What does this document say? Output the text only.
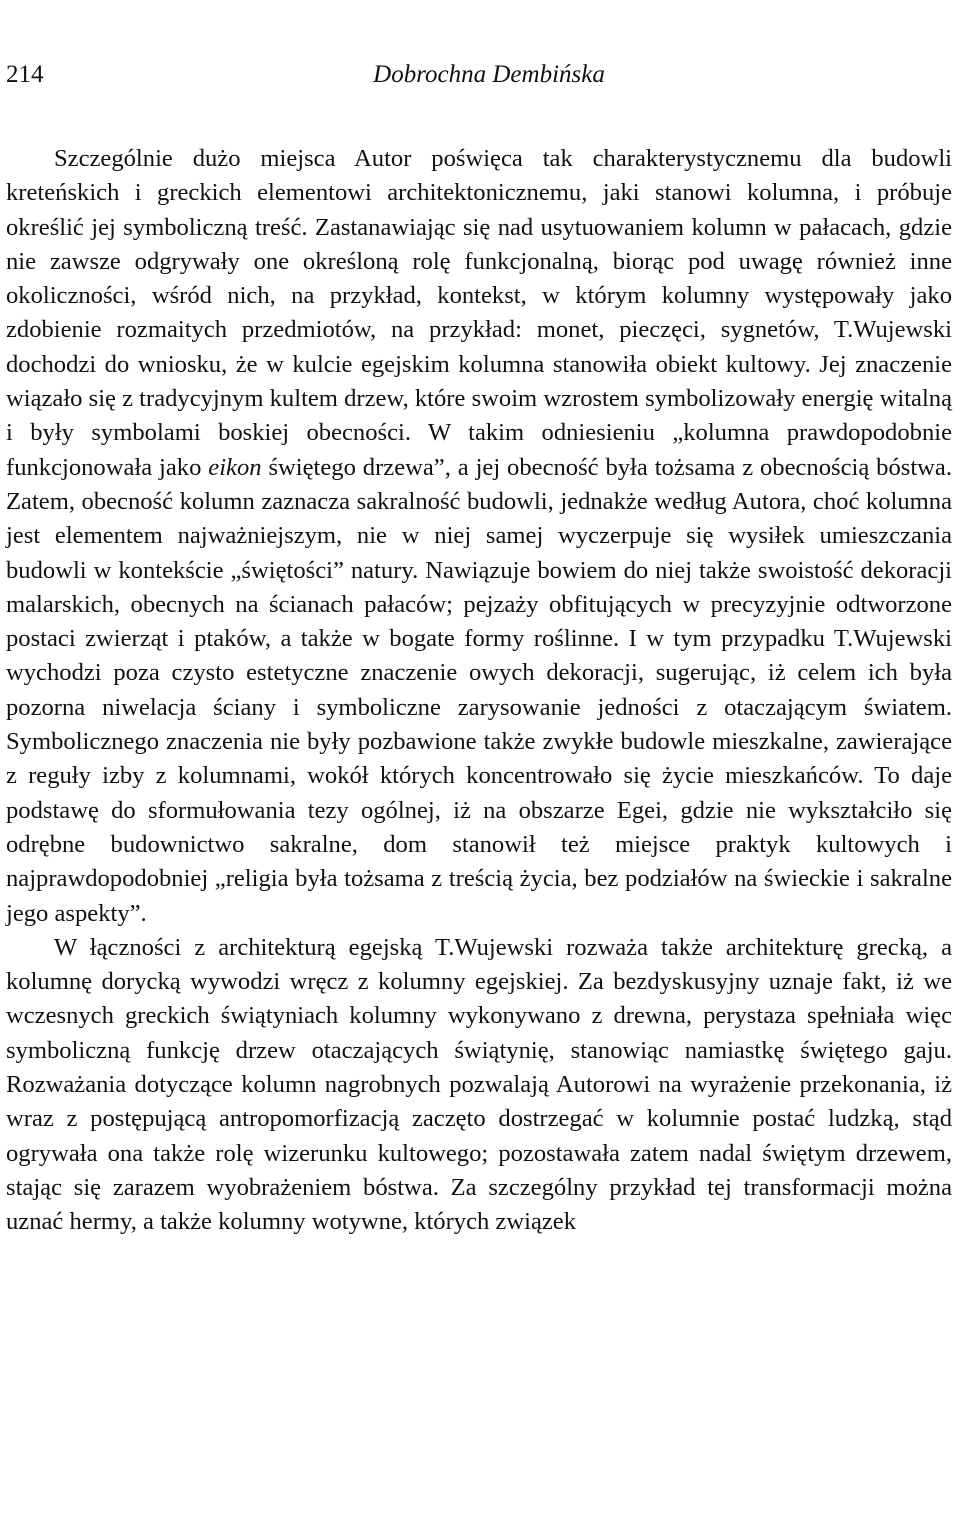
214	Dobrochna Dembińska

Szczególnie dużo miejsca Autor poświęca tak charakterystycznemu dla budowli kreteńskich i greckich elementowi architektonicznemu, jaki stanowi kolumna, i próbuje określić jej symboliczną treść. Zastanawiając się nad usytuowaniem kolumn w pałacach, gdzie nie zawsze odgrywały one określoną rolę funkcjonalną, biorąc pod uwagę również inne okoliczności, wśród nich, na przykład, kontekst, w którym kolumny występowały jako zdobienie rozmaitych przedmiotów, na przykład: monet, pieczęci, sygnetów, T.Wujewski dochodzi do wniosku, że w kulcie egejskim kolumna stanowiła obiekt kultowy. Jej znaczenie wiązało się z tradycyjnym kultem drzew, które swoim wzrostem symbolizowały energię witalną i były symbolami boskiej obecności. W takim odniesieniu „kolumna prawdopodobnie funkcjonowała jako eikon świętego drzewa”, a jej obecność była tożsama z obecnością bóstwa. Zatem, obecność kolumn zaznacza sakralność budowli, jednakże według Autora, choć kolumna jest elementem najważniejszym, nie w niej samej wyczerpuje się wysiłek umieszczania budowli w kontekście „świętości” natury. Nawiązuje bowiem do niej także swoistość dekoracji malarskich, obecnych na ścianach pałaców; pejzaży obfitujących w precyzyjnie odtworzone postaci zwierząt i ptaków, a także w bogate formy roślinne. I w tym przypadku T.Wujewski wychodzi poza czysto estetyczne znaczenie owych dekoracji, sugerując, iż celem ich była pozorna niwelacja ściany i symboliczne zarysowanie jedności z otaczającym światem. Symbolicznego znaczenia nie były pozbawione także zwykłe budowle mieszkalne, zawierające z reguły izby z kolumnami, wokół których koncentrowało się życie mieszkańców. To daje podstawę do sformułowania tezy ogólnej, iż na obszarze Egei, gdzie nie wykształciło się odrębne budownictwo sakralne, dom stanowił też miejsce praktyk kultowych i najprawdopodobniej „religia była tożsama z treścią życia, bez podziałów na świeckie i sakralne jego aspekty”.

W łączności z architekturą egejską T.Wujewski rozważa także architekturę grecką, a kolumnę dorycką wywodzi wręcz z kolumny egejskiej. Za bezdyskusyjny uznaje fakt, iż we wczesnych greckich świątyniach kolumny wykonywano z drewna, perystaza spełniała więc symboliczną funkcję drzew otaczających świątynię, stanowiąc namiastkę świętego gaju. Rozważania dotyczące kolumn nagrobnych pozwalają Autorowi na wyrażenie przekonania, iż wraz z postępującą antropomorfizacją zaczęto dostrzegać w kolumnie postać ludzką, stąd ogrywała ona także rolę wizerunku kultowego; pozostawała zatem nadal świętym drzewem, stając się zarazem wyobrażeniem bóstwa. Za szczególny przykład tej transformacji można uznać hermy, a także kolumny wotywne, których związek
